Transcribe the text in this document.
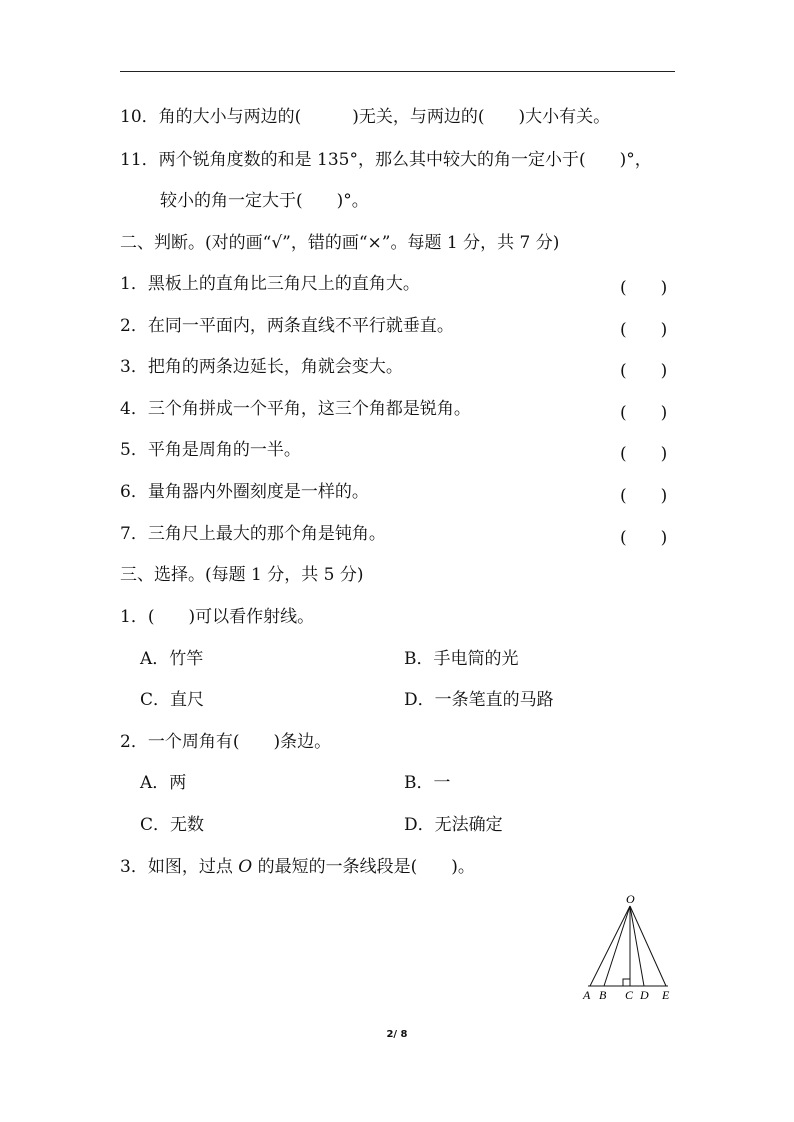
10．角的大小与两边的(　　　)无关，与两边的(　　)大小有关。
11．两个锐角度数的和是 135°，那么其中较大的角一定小于(　　)°，
较小的角一定大于(　　)°。
二、判断。(对的画“√”，错的画“×”。每题 1 分，共 7 分)
1．黑板上的直角比三角尺上的直角大。	(　　)
2．在同一平面内，两条直线不平行就垂直。	(　　)
3．把角的两条边延长，角就会变大。	(　　)
4．三个角拼成一个平角，这三个角都是锐角。	(　　)
5．平角是周角的一半。	(　　)
6．量角器内外圈刻度是一样的。	(　　)
7．三角尺上最大的那个角是钝角。	(　　)
三、选择。(每题 1 分，共 5 分)
1．(　　)可以看作射线。
A．竹竿	B．手电筒的光
C．直尺	D．一条笔直的马路
2．一个周角有(　　)条边。
A．两	B．一
C．无数	D．无法确定
3．如图，过点 O 的最短的一条线段是(　　)。
O
A B C D E
2/ 8
